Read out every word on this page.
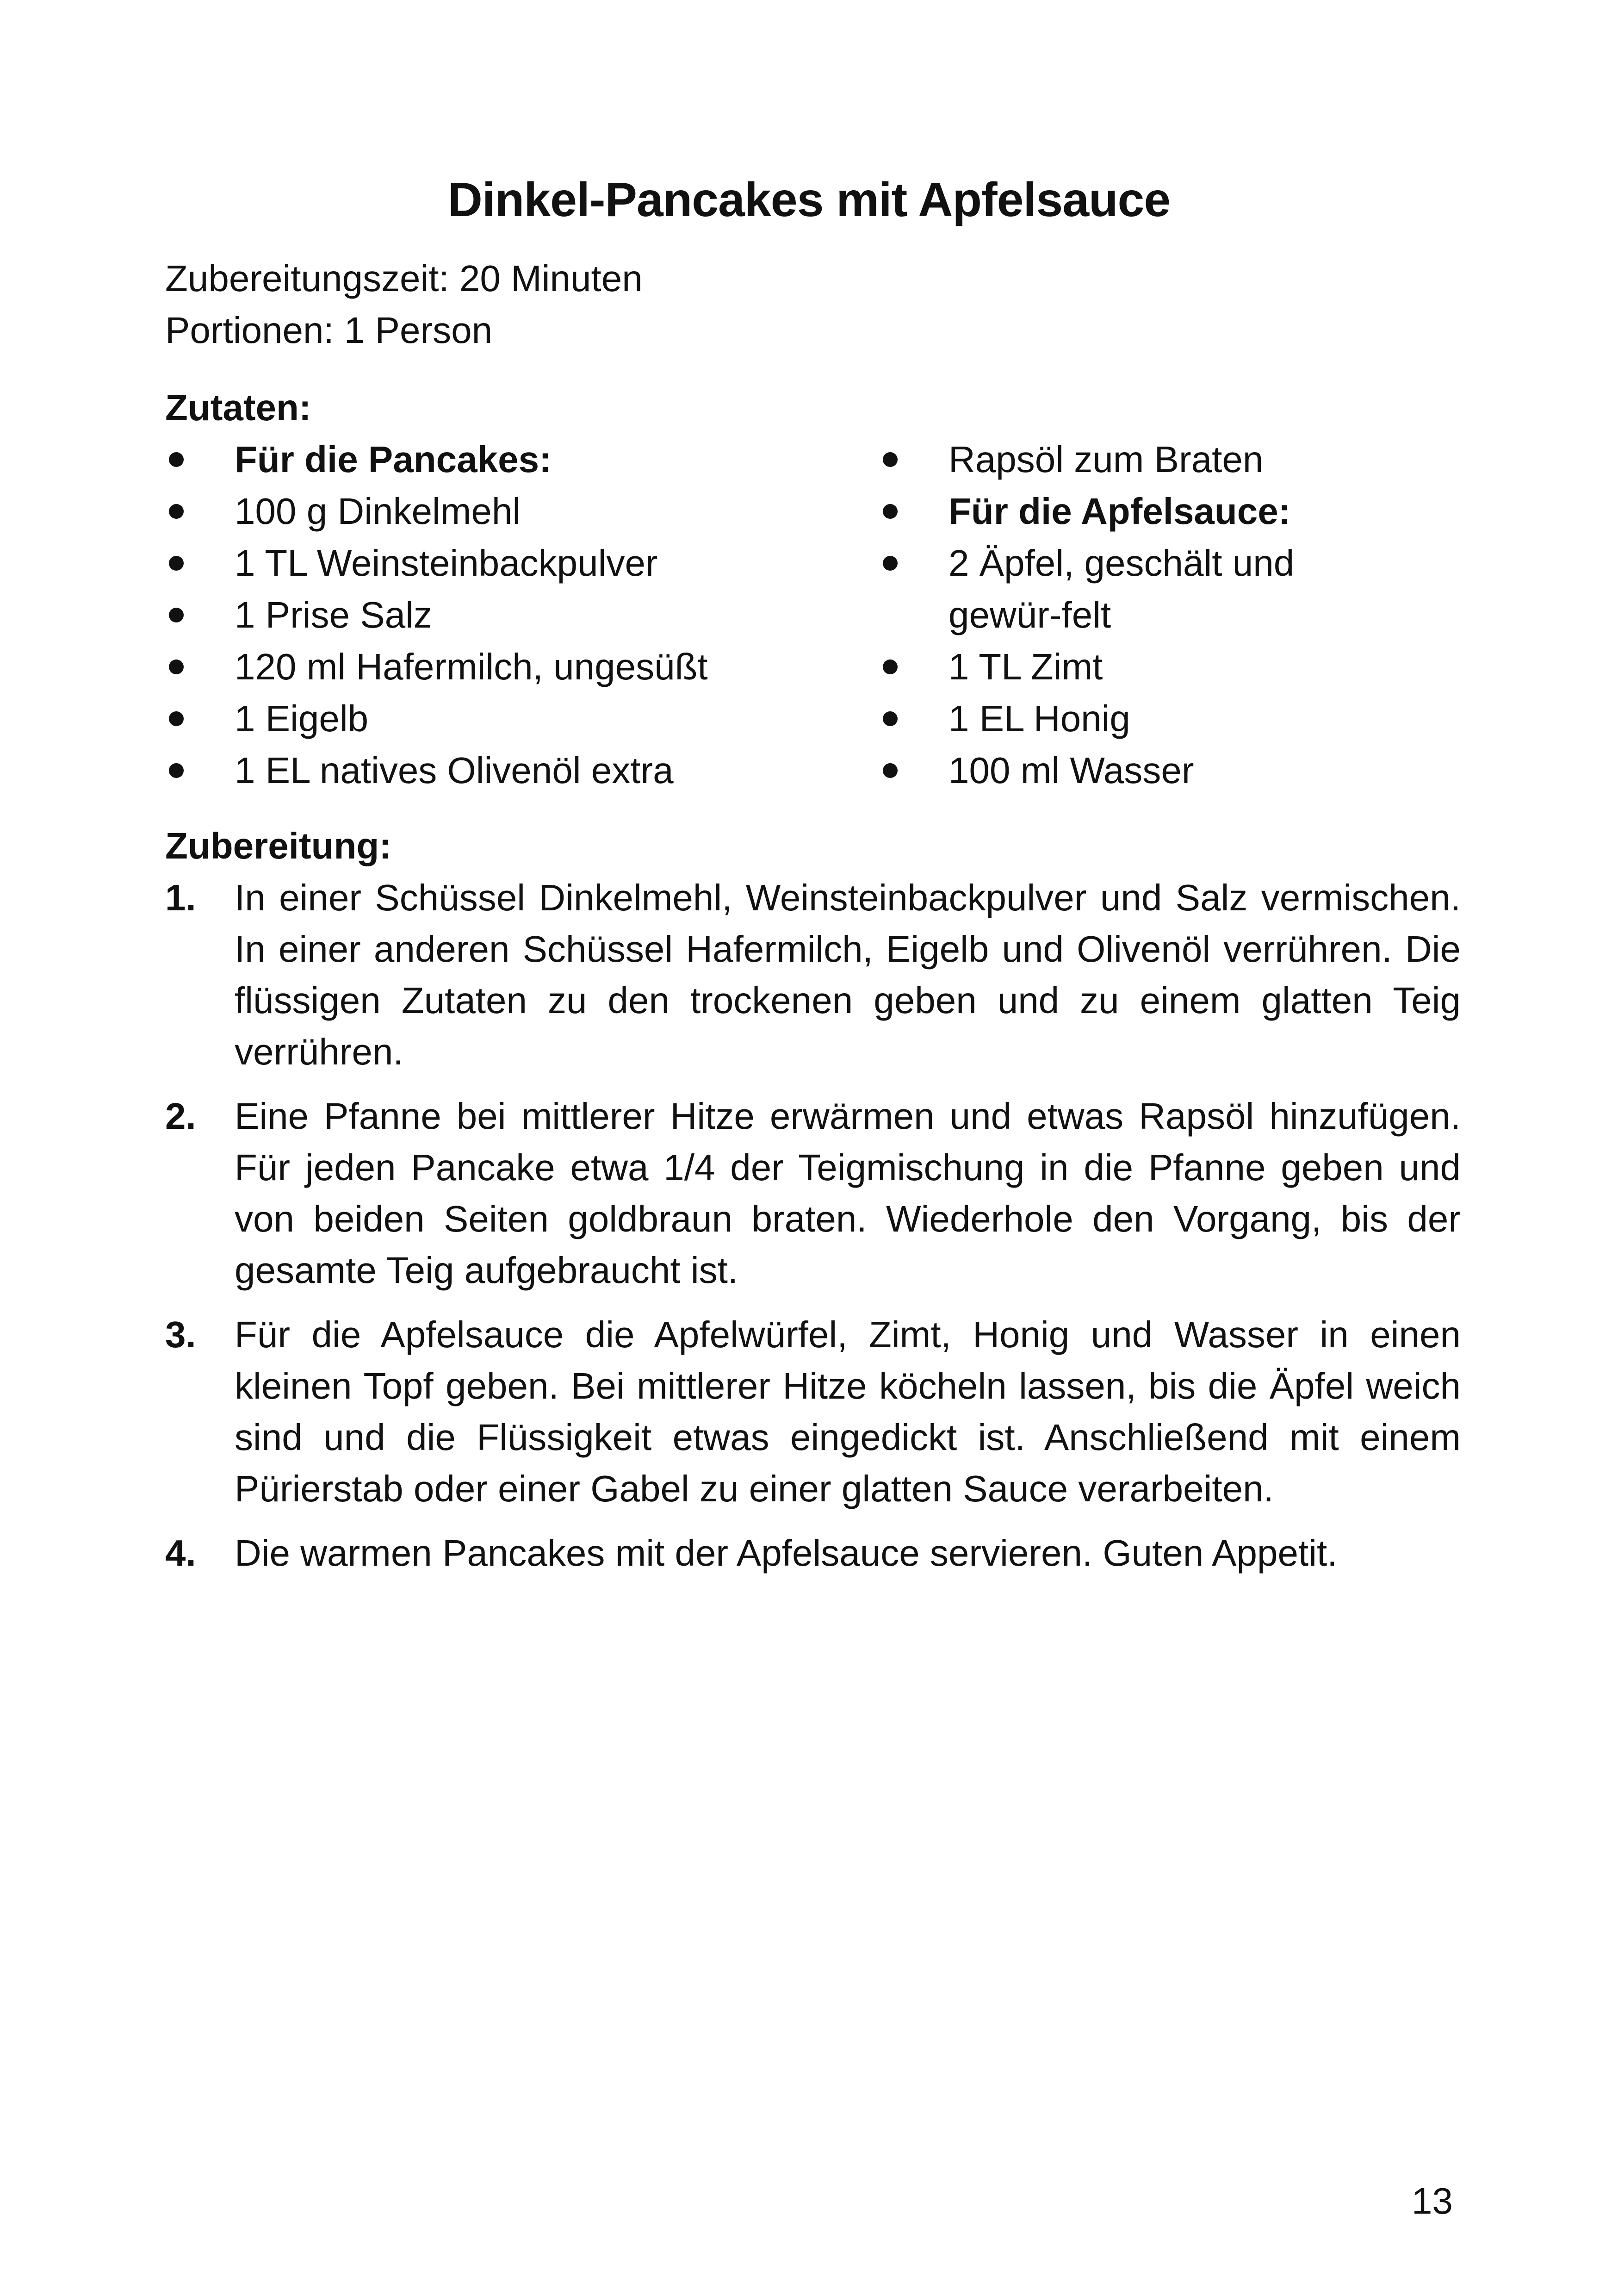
Dinkel-Pancakes mit Apfelsauce
Zubereitungszeit: 20 Minuten
Portionen: 1 Person
Zutaten:
Für die Pancakes:
100 g Dinkelmehl
1 TL Weinsteinbackpulver
1 Prise Salz
120 ml Hafermilch, ungesüßt
1 Eigelb
1 EL natives Olivenöl extra
Rapsöl zum Braten
Für die Apfelsauce:
2 Äpfel, geschält und gewür-felt
1 TL Zimt
1 EL Honig
100 ml Wasser
Zubereitung:
1. In einer Schüssel Dinkelmehl, Weinsteinbackpulver und Salz vermischen. In einer anderen Schüssel Hafermilch, Eigelb und Olivenöl verrühren. Die flüssigen Zutaten zu den trockenen geben und zu einem glatten Teig verrühren.
2. Eine Pfanne bei mittlerer Hitze erwärmen und etwas Rapsöl hinzufügen. Für jeden Pancake etwa 1/4 der Teigmischung in die Pfanne geben und von beiden Seiten goldbraun braten. Wiederhole den Vorgang, bis der gesamte Teig aufgebraucht ist.
3. Für die Apfelsauce die Apfelwürfel, Zimt, Honig und Wasser in einen kleinen Topf geben. Bei mittlerer Hitze köcheln lassen, bis die Äpfel weich sind und die Flüssigkeit etwas eingedickt ist. Anschließend mit einem Pürierstab oder einer Gabel zu einer glatten Sauce verarbeiten.
4. Die warmen Pancakes mit der Apfelsauce servieren. Guten Appetit.
13
